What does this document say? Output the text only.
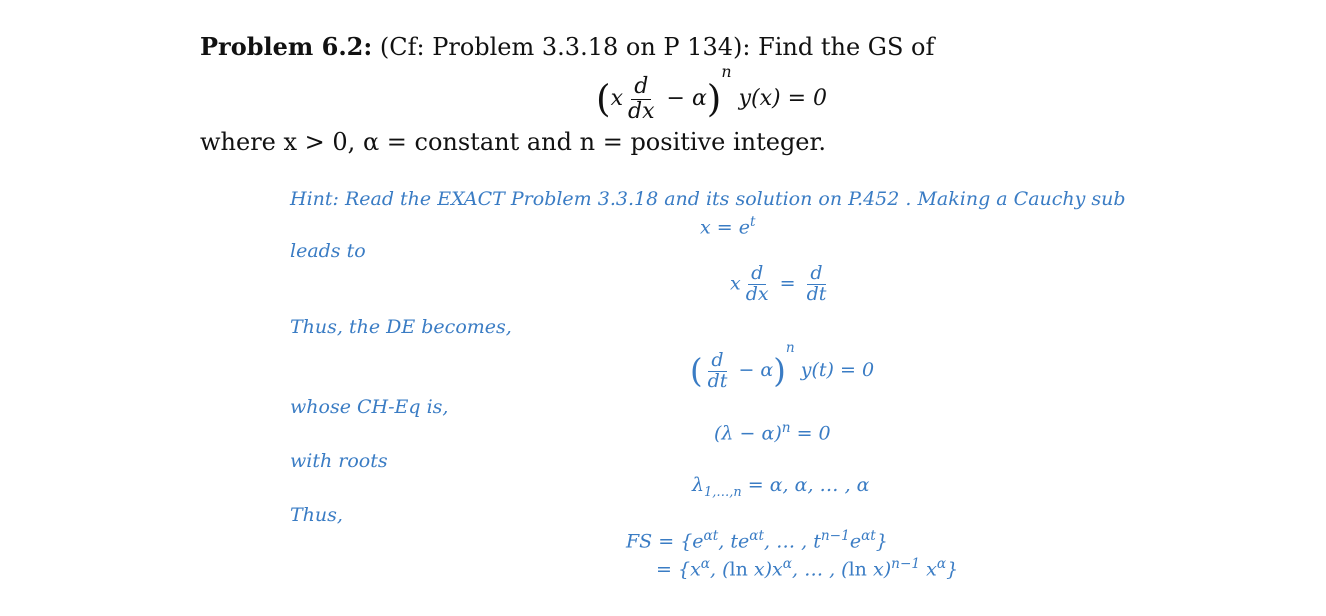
Problem 6.2: (Cf: Problem 3.3.18 on P 134): Find the GS of
$(x \frac{d}{dx} - \alpha)^n$ y(x) = 0
where x > 0, α = constant and n = positive integer.
Hint: Read the EXACT Problem 3.3.18 and its solution on P.452 . Making a Cauchy sub
$x = e^t$
leads to
x $\frac{d}{dx} = \frac{d}{dt}$
Thus, the DE becomes,
( $\frac{d}{dt} - \alpha)^n$ y(t) = 0
whose CH-Eq is,
$(\lambda - \alpha)^n = 0$
with roots
$\lambda_{1,\dots,n} = \alpha$, α, … , α
Thus,
FS = {$e^{\alpha t}$, $te^{\alpha t}$, … , $t^{n-1}e^{\alpha t}$}
= {$x^\alpha$, (ln $x)x^\alpha$, … , (ln x)$^{n-1}$ $x^\alpha$}
